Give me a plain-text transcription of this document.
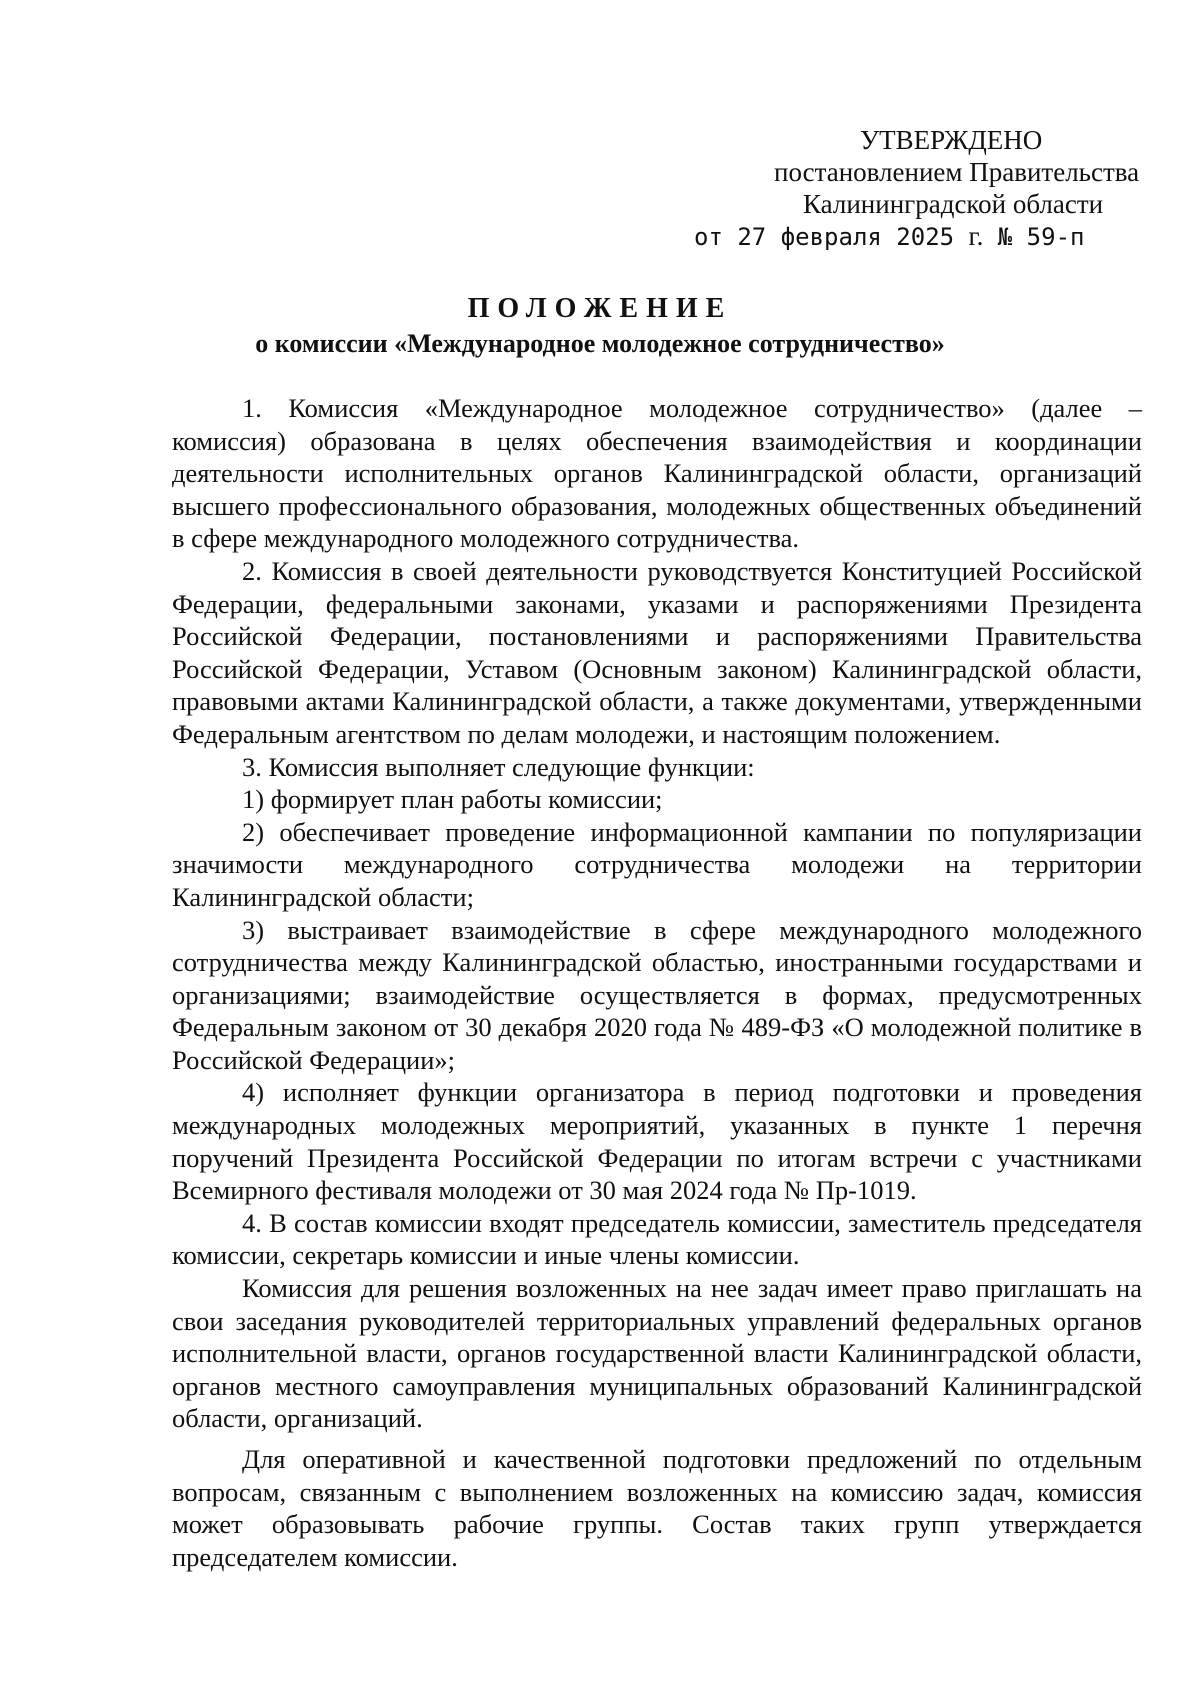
УТВЕРЖДЕНО
постановлением Правительства
Калининградской области
от 27 февраля 2025 г. № 59-п
ПОЛОЖЕНИЕ
о комиссии «Международное молодежное сотрудничество»

1. Комиссия «Международное молодежное сотрудничество» (далее – комиссия) образована в целях обеспечения взаимодействия и координации деятельности исполнительных органов Калининградской области, организаций высшего профессионального образования, молодежных общественных объединений в сфере международного молодежного сотрудничества.

2. Комиссия в своей деятельности руководствуется Конституцией Российской Федерации, федеральными законами, указами и распоряжениями Президента Российской Федерации, постановлениями и распоряжениями Правительства Российской Федерации, Уставом (Основным законом) Калининградской области, правовыми актами Калининградской области, а также документами, утвержденными Федеральным агентством по делам молодежи, и настоящим положением.

3. Комиссия выполняет следующие функции:

1) формирует план работы комиссии;

2) обеспечивает проведение информационной кампании по популяризации значимости международного сотрудничества молодежи на территории Калининградской области;

3) выстраивает взаимодействие в сфере международного молодежного сотрудничества между Калининградской областью, иностранными государствами и организациями; взаимодействие осуществляется в формах, предусмотренных Федеральным законом от 30 декабря 2020 года № 489-ФЗ «О молодежной политике в Российской Федерации»;

4) исполняет функции организатора в период подготовки и проведения международных молодежных мероприятий, указанных в пункте 1 перечня поручений Президента Российской Федерации по итогам встречи с участниками Всемирного фестиваля молодежи от 30 мая 2024 года № Пр-1019.

4. В состав комиссии входят председатель комиссии, заместитель председателя комиссии, секретарь комиссии и иные члены комиссии.

Комиссия для решения возложенных на нее задач имеет право приглашать на свои заседания руководителей территориальных управлений федеральных органов исполнительной власти, органов государственной власти Калининградской области, органов местного самоуправления муниципальных образований Калининградской области, организаций.

Для оперативной и качественной подготовки предложений по отдельным вопросам, связанным с выполнением возложенных на комиссию задач, комиссия может образовывать рабочие группы. Состав таких групп утверждается председателем комиссии.
